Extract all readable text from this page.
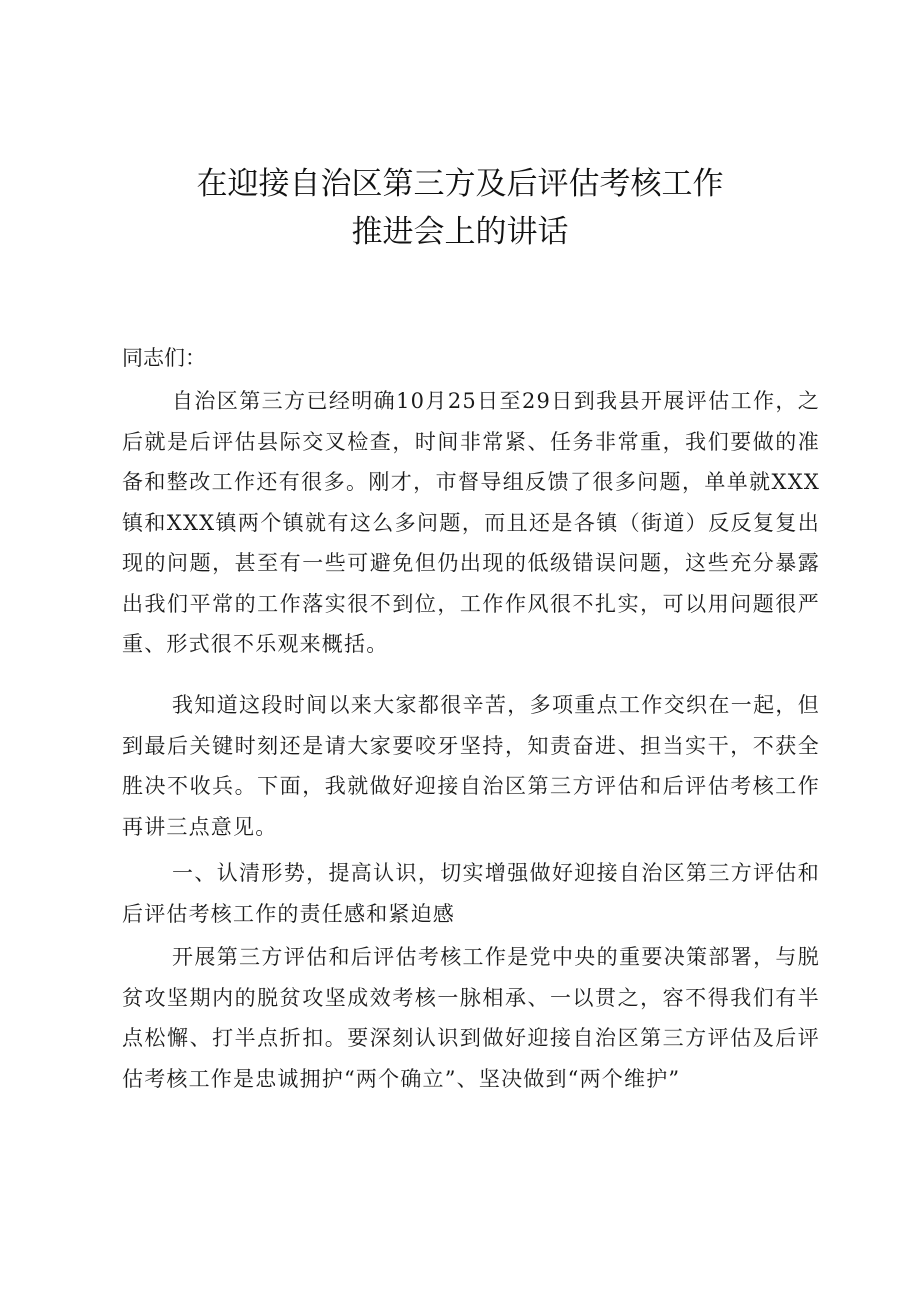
在迎接自治区第三方及后评估考核工作
推进会上的讲话
同志们：

自治区第三方已经明确10月25日至29日到我县开展评估工作，之后就是后评估县际交叉检查，时间非常紧、任务非常重，我们要做的准备和整改工作还有很多。刚才，市督导组反馈了很多问题，单单就XXX镇和XXX镇两个镇就有这么多问题，而且还是各镇（街道）反反复复出现的问题，甚至有一些可避免但仍出现的低级错误问题，这些充分暴露出我们平常的工作落实很不到位，工作作风很不扎实，可以用问题很严重、形式很不乐观来概括。

我知道这段时间以来大家都很辛苦，多项重点工作交织在一起，但到最后关键时刻还是请大家要咬牙坚持，知责奋进、担当实干，不获全胜决不收兵。下面，我就做好迎接自治区第三方评估和后评估考核工作再讲三点意见。

一、认清形势，提高认识，切实增强做好迎接自治区第三方评估和后评估考核工作的责任感和紧迫感

开展第三方评估和后评估考核工作是党中央的重要决策部署，与脱贫攻坚期内的脱贫攻坚成效考核一脉相承、一以贯之，容不得我们有半点松懈、打半点折扣。要深刻认识到做好迎接自治区第三方评估及后评估考核工作是忠诚拥护“两个确立”、坚决做到“两个维护”
